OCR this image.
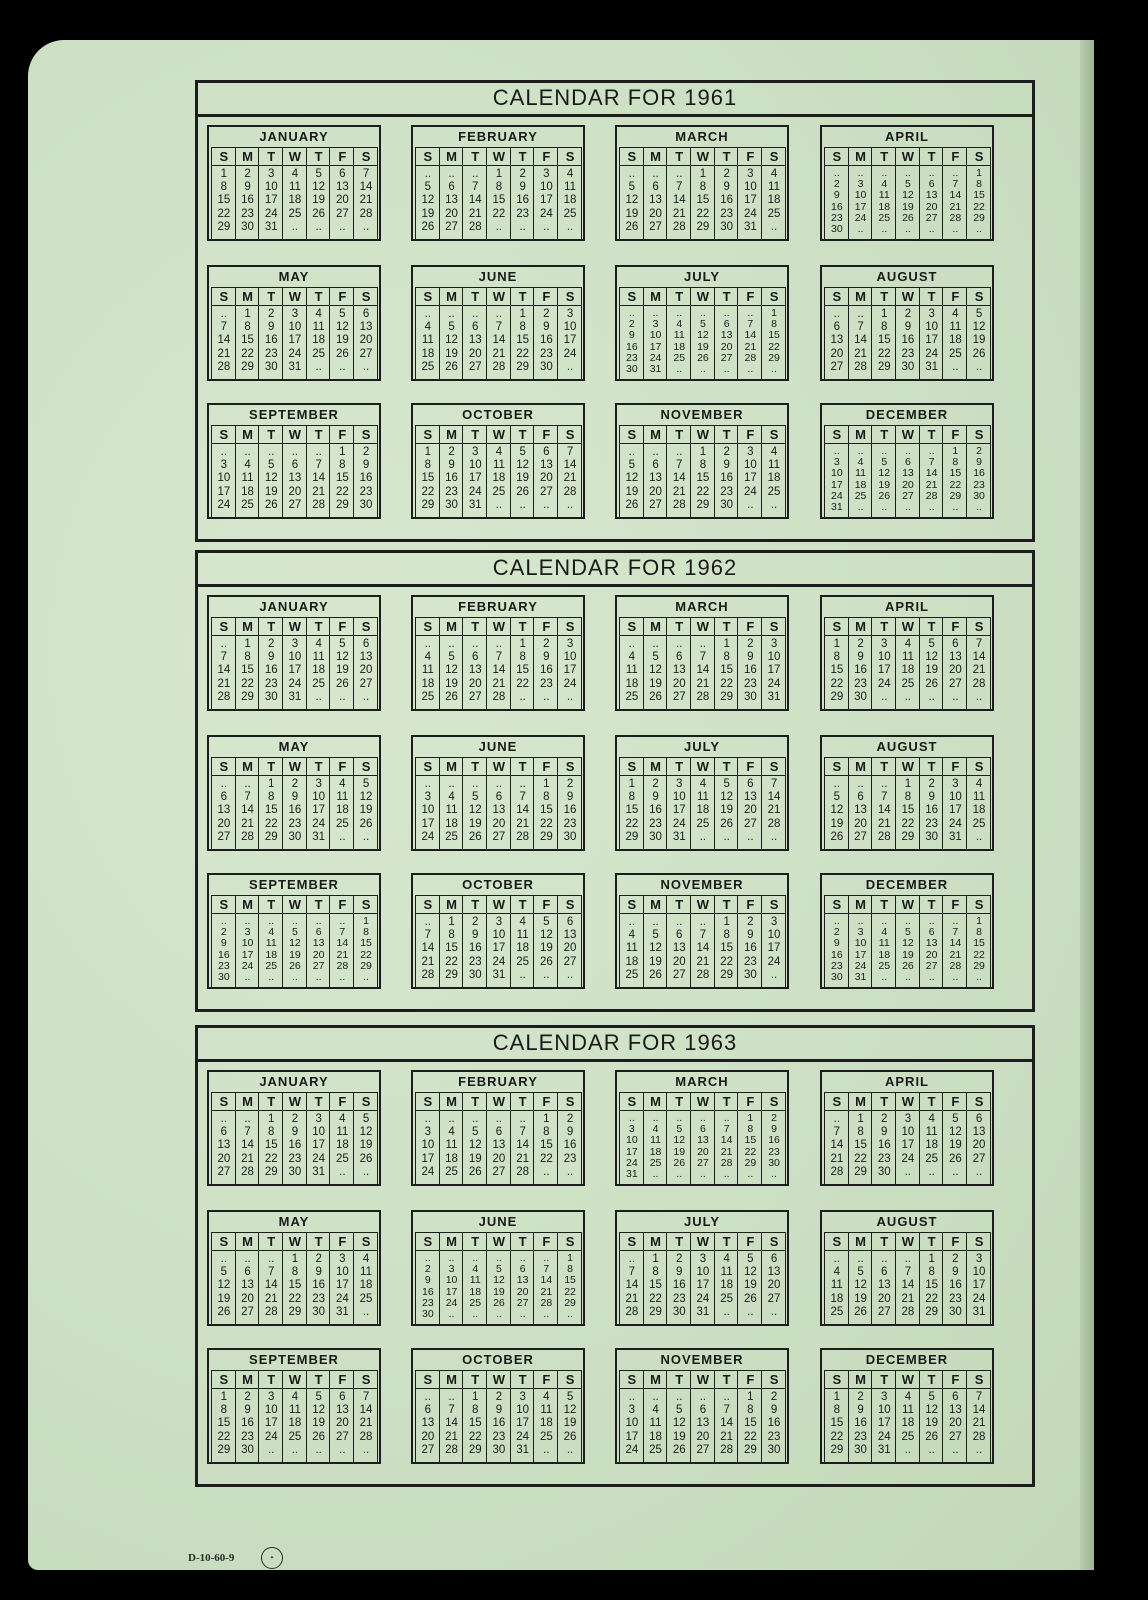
CALENDAR FOR 1961
JANUARY
S	M	T	W	T	F	S
1	2	3	4	5	6	7
8	9	10 11 12 13 14
15 16 17 18 19 20 21
22 23 24 25 26 27 28
29 30 31	..	..	..	..
FEBRUARY
S	M	T	W	T	F	S
..	..	..	1	2	3	4
5	6	7	8	9	10 11
12 13 14 15 16 17 18
19 20 21 22 23 24 25
26 27 28	..	..	..	..
MARCH
S	M	T	W	T	F	S
..	..	..	1	2	3	4
5	6	7	8	9	10 11
12 13 14 15 16 17 18
19 20 21 22 23 24 25
26 27 28 29 30 31	..
APRIL
S	M	T	W	T	F	S
..	..	..	..	..	..	1
2	3	4	5	6	7	8
9	10	11	12	13	14	15
16	17	18	19	20	21	22
23	24	25	26	27	28	29
30	..	..	..	..	..	..
MAY
S	M	T	W	T	F	S
..	1	2	3	4	5	6
7	8	9	10 11 12 13
14 15 16 17 18 19 20
21 22 23 24 25 26 27
28 29 30 31	..	..	..
JUNE
S	M	T	W	T	F	S
..	..	..	..	1	2	3
4	5	6	7	8	9	10
11 12 13 14 15 16 17
18 19 20 21 22 23 24
25 26 27 28 29 30	..
JULY
S	M	T	W	T	F	S
..	..	..	..	..	..	1
2	3	4	5	6	7	8
9	10	11	12	13	14	15
16	17	18	19	20	21	22
23	24	25	26	27	28	29
30	31	..	..	..	..	..
AUGUST
S	M	T	W	T	F	S
..	..	1	2	3	4	5
6	7	8	9	10 11 12
13 14 15 16 17 18 19
20 21 22 23 24 25 26
27 28 29 30 31	..	..
SEPTEMBER
S	M	T	W	T	F	S
..	..	..	..	..	1	2
3	4	5	6	7	8	9
10 11 12 13 14 15 16
17 18 19 20 21 22 23
24 25 26 27 28 29 30
OCTOBER
S	M	T	W	T	F	S
1	2	3	4	5	6	7
8	9	10 11 12 13 14
15 16 17 18 19 20 21
22 23 24 25 26 27 28
29 30 31	..	..	..	..
NOVEMBER
S	M	T	W	T	F	S
..	..	..	1	2	3	4
5	6	7	8	9	10 11
12 13 14 15 16 17 18
19 20 21 22 23 24 25
26 27 28 29 30	..	..
DECEMBER
S	M	T	W	T	F	S
..	..	..	..	..	1	2
3	4	5	6	7	8	9
10	11	12	13	14	15	16
17	18	19	20	21	22	23
24	25	26	27	28	29	30
31	..	..	..	..	..	..
CALENDAR FOR 1962
JANUARY
S	M	T	W	T	F	S
..	1	2	3	4	5	6
7	8	9	10 11 12 13
14 15 16 17 18 19 20
21 22 23 24 25 26 27
28 29 30 31	..	..	..
FEBRUARY
S	M	T	W	T	F	S
..	..	..	..	1	2	3
4	5	6	7	8	9	10
11 12 13 14 15 16 17
18 19 20 21 22 23 24
25 26 27 28	..	..	..
MARCH
S	M	T	W	T	F	S
..	..	..	..	1	2	3
4	5	6	7	8	9	10
11 12 13 14 15 16 17
18 19 20 21 22 23 24
25 26 27 28 29 30 31
APRIL
S	M	T	W	T	F	S
1	2	3	4	5	6	7
8	9	10 11 12 13 14
15 16 17 18 19 20 21
22 23 24 25 26 27 28
29 30	..	..	..	..	..
MAY
S	M	T	W	T	F	S
..	..	1	2	3	4	5
6	7	8	9	10 11 12
13 14 15 16 17 18 19
20 21 22 23 24 25 26
27 28 29 30 31	..	..
JUNE
S	M	T	W	T	F	S
..	..	..	..	..	1	2
3	4	5	6	7	8	9
10 11 12 13 14 15 16
17 18 19 20 21 22 23
24 25 26 27 28 29 30
JULY
S	M	T	W	T	F	S
1	2	3	4	5	6	7
8	9	10 11 12 13 14
15 16 17 18 19 20 21
22 23 24 25 26 27 28
29 30 31	..	..	..	..
AUGUST
S	M	T	W	T	F	S
..	..	..	1	2	3	4
5	6	7	8	9	10 11
12 13 14 15 16 17 18
19 20 21 22 23 24 25
26 27 28 29 30 31	..
SEPTEMBER
S	M	T	W	T	F	S
..	..	..	..	..	..	1
2	3	4	5	6	7	8
9	10	11	12	13	14	15
16	17	18	19	20	21	22
23	24	25	26	27	28	29
30	..	..	..	..	..	..
OCTOBER
S	M	T	W	T	F	S
..	1	2	3	4	5	6
7	8	9	10 11 12 13
14 15 16 17 18 19 20
21 22 23 24 25 26 27
28 29 30 31	..	..	..
NOVEMBER
S	M	T	W	T	F	S
..	..	..	..	1	2	3
4	5	6	7	8	9	10
11 12 13 14 15 16 17
18 19 20 21 22 23 24
25 26 27 28 29 30	..
DECEMBER
S	M	T	W	T	F	S
..	..	..	..	..	..	1
2	3	4	5	6	7	8
9	10	11	12	13	14	15
16	17	18	19	20	21	22
23	24	25	26	27	28	29
30	31	..	..	..	..	..
CALENDAR FOR 1963
JANUARY
S	M	T	W	T	F	S
..	..	1	2	3	4	5
6	7	8	9	10 11 12
13 14 15 16 17 18 19
20 21 22 23 24 25 26
27 28 29 30 31	..	..
FEBRUARY
S	M	T	W	T	F	S
..	..	..	..	..	1	2
3	4	5	6	7	8	9
10 11 12 13 14 15 16
17 18 19 20 21 22 23
24 25 26 27 28	..	..
MARCH
S	M	T	W	T	F	S
..	..	..	..	..	1	2
3	4	5	6	7	8	9
10	11	12	13	14	15	16
17	18	19	20	21	22	23
24	25	26	27	28	29	30
31	..	..	..	..	..	..
APRIL
S	M	T	W	T	F	S
..	1	2	3	4	5	6
7	8	9	10 11 12 13
14 15 16 17 18 19 20
21 22 23 24 25 26 27
28 29 30	..	..	..	..
MAY
S	M	T	W	T	F	S
..	..	..	1	2	3	4
5	6	7	8	9	10 11
12 13 14 15 16 17 18
19 20 21 22 23 24 25
26 27 28 29 30 31	..
JUNE
S	M	T	W	T	F	S
..	..	..	..	..	..	1
2	3	4	5	6	7	8
9	10	11	12	13	14	15
16	17	18	19	20	21	22
23	24	25	26	27	28	29
30	..	..	..	..	..	..
JULY
S	M	T	W	T	F	S
..	1	2	3	4	5	6
7	8	9	10 11 12 13
14 15 16 17 18 19 20
21 22 23 24 25 26 27
28 29 30 31	..	..	..
AUGUST
S	M	T	W	T	F	S
..	..	..	..	1	2	3
4	5	6	7	8	9	10
11 12 13 14 15 16 17
18 19 20 21 22 23 24
25 26 27 28 29 30 31
SEPTEMBER
S	M	T	W	T	F	S
1	2	3	4	5	6	7
8	9	10 11 12 13 14
15 16 17 18 19 20 21
22 23 24 25 26 27 28
29 30	..	..	..	..	..
OCTOBER
S	M	T	W	T	F	S
..	..	1	2	3	4	5
6	7	8	9	10 11 12
13 14 15 16 17 18 19
20 21 22 23 24 25 26
27 28 29 30 31	..	..
NOVEMBER
S	M	T	W	T	F	S
..	..	..	..	..	1	2
3	4	5	6	7	8	9
10 11 12 13 14 15 16
17 18 19 20 21 22 23
24 25 26 27 28 29 30
DECEMBER
S	M	T	W	T	F	S
1	2	3	4	5	6	7
8	9	10 11 12 13 14
15 16 17 18 19 20 21
22 23 24 25 26 27 28
29 30 31	..	..	..	..
D-10-60-9	✦
